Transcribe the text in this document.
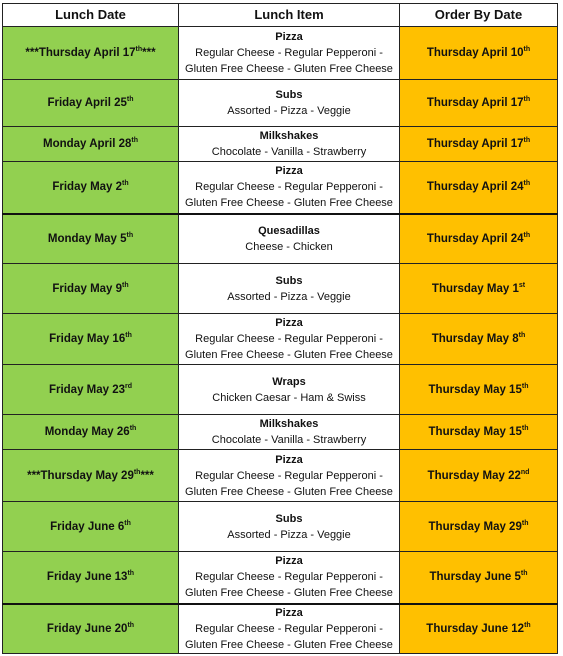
Lunch Date	Lunch Item	Order By Date
***Thursday April 17th***	Pizza
Regular Cheese - Regular Pepperoni -
Gluten Free Cheese - Gluten Free Cheese	Thursday April 10th
Friday April 25th	Subs
Assorted - Pizza - Veggie	Thursday April 17th
Monday April 28th	Milkshakes
Chocolate - Vanilla - Strawberry	Thursday April 17th
Friday May 2th	Pizza
Regular Cheese - Regular Pepperoni -
Gluten Free Cheese - Gluten Free Cheese	Thursday April 24th
Monday May 5th	Quesadillas
Cheese - Chicken	Thursday April 24th
Friday May 9th	Subs
Assorted - Pizza - Veggie	Thursday May 1st
Friday May 16th	Pizza
Regular Cheese - Regular Pepperoni -
Gluten Free Cheese - Gluten Free Cheese	Thursday May 8th
Friday May 23rd	Wraps
Chicken Caesar - Ham & Swiss	Thursday May 15th
Monday May 26th	Milkshakes
Chocolate - Vanilla - Strawberry	Thursday May 15th
***Thursday May 29th***	Pizza
Regular Cheese - Regular Pepperoni -
Gluten Free Cheese - Gluten Free Cheese	Thursday May 22nd
Friday June 6th	Subs
Assorted - Pizza - Veggie	Thursday May 29th
Friday June 13th	Pizza
Regular Cheese - Regular Pepperoni -
Gluten Free Cheese - Gluten Free Cheese	Thursday June 5th
Friday June 20th	Pizza
Regular Cheese - Regular Pepperoni -
Gluten Free Cheese - Gluten Free Cheese	Thursday June 12th
